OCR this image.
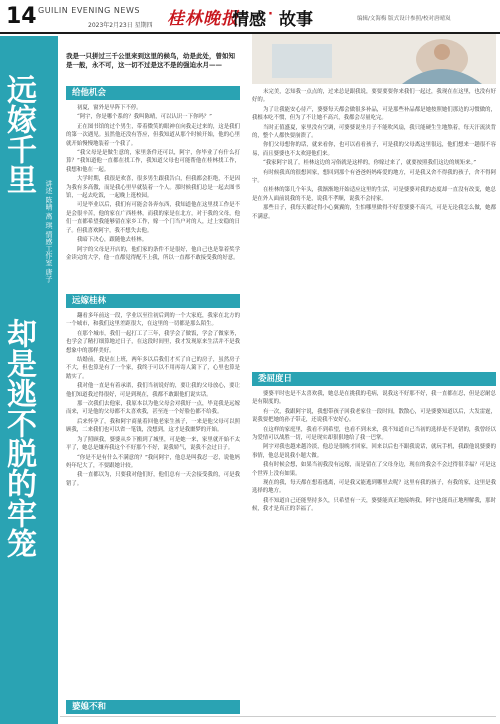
14 GUILIN EVENING NEWS
2023年2月23日 星期四 桂林晚报
情感 · 故事	编辑/文海梅 版式设计参照/校对唐晴岚
远嫁千里
却是逃不脱的牢笼
讲述 陈晴 离 琪 情感工作室 唐子
我是一只拼过三千公里来到这里的候鸟，幼是此处，曾如知是一般，永不可，这一切不过是这不是的强迫水月——
给他机会

初夏，窗外是早阵下不停。

“阿宇，你是哪个系的？我叫陈晴，可以认识一下你吗？”

正在图书馆的过个男生，带着微笑的眼神在向我走过来的，这是我们的第一次遇见。虽然他还没有答应，但我知道从那个时候开始，他的心里就开始慢慢地装着一个我了。

“我父母是是做生意的，家里条件还可以，阿宇，你毕业了有什么打算？”我知道他一直都在找工作，我知道父母也可能帮他在桂林找工作，我想和他在一起。

大学时期，我很是欢喜，很多男生跟我告白，但我都会拒绝，不是因为我有多高傲，而是我心里早就装着一个人。那时候我们总是一起去图书馆，一起去吃饭，一起晚上逛校园。

可是毕业以后，我们有可能会各奔东西，我知道他在这里找工作是不是会很辛苦，他的家在广西桂林，而我的家是在北方，对于我的父母，他们一直都希望我能够留在家乡工作，嫁一个门当户对的人，过上安稳的日子。但我喜欢阿宇，我不想失去他。

我暗下决心，跟随他去桂林。

阿宇的父母是开店的，他们家的条件不是很好，他自己也是靠着奖学金读完的大学，他一直都觉得配不上我，所以一直都不敢接受我的好意。

远嫁桂林

翻看多年前这一段，学业以至往初后到的一个大家庭，我家在北方的一个城市，和我们这里差距很大，在这里的一切都是那么陌生。

在那个城市，我们一起打工了三年，我学会了做饭，学会了做家务，也学会了精打细算地过日子，在这段时间里，我才发现原来生活并不是我想象中的那样美好。

结婚前，我是在上班，两年多以后我们才买了自己的房子，虽然房子不大，但也算是有了一个家，我终于可以不用再寄人篱下了，心里也算是踏实了。

我对他一直是有着承诺，我们当初说好的，要让我的父母放心，要让他们知道我过得很好，可是到现在，我都不敢跟他们说实话。

那一次我们去他家，我原本以为他父母会对我好一点，毕竟我是远嫁而来，可是他的父母都不太喜欢我，甚至连一个好脸色都不给我。

后来怀孕了，我和阿宇商量着回他老家生孩子，一来是他父母可以照顾我，二来我们也可以省一笔钱，没想到，这才是我噩梦的开始。

为了照顾我，婆婆从乡下搬到了城里，可是她一来，家里就开始不太平了，她总是嫌弃我这个不好那个不好，说我娇气，说我不会过日子。

“你是不是有什么不满意的？”我问阿宇，他总是叫我忍一忍，说他妈妈年纪大了，不要跟她计较。

我一直都以为，只要我对他们好，他们总有一天会接受我的，可是我错了。

婆媳不和

未完美，怎知我一点点的，过来总是跟我说，要要要要你来我们一起过，我现在在这里，也没有好好的。

为了让我能安心待产，婆婆每天都会做很多补品，可是那些补品都是她按照她们那边的习惯做的，我根本吃不惯，但为了不让她不高兴，我都会尽量吃完。

当时正值盛夏，家里没有空调，可婆婆说坐月子不能吹风扇，我只能硬生生地熬着，每天汗流浃背的，整个人都快要崩溃了。

你们父母想你的话，就来看你，也可以看看孩子，可是我的父母离这里很远，他们想来一趟很不容易，而且婆婆也不太欢迎他们来。

“我家阿宇说了，桂林这边的习俗就是这样的，你嫁过来了，就要按照我们这边的规矩来。”

有时候我真的很想回家，想回到那个有爸爸妈妈疼爱的地方，可是我又舍不得我的孩子，舍不得阿宇。

在桂林的第几个年头，我渐渐地开始适应这里的生活，可是婆婆对我的态度却一直没有改变，她总是在外人面前说我的不是，说我不孝顺，说我不会持家。

那些日子，我每天都过得小心翼翼的，生怕哪里做得不好惹婆婆不高兴，可是无论我怎么做，她都不满意。

委屈度日

婆婆平时也是不太喜欢我，她总是在挑我的毛病，说我这不好那不好，我一直都在忍，但是忍耐总是有限度的。

有一次，我跟阿宇说，我想带孩子回我老家住一段时间，散散心，可是婆婆知道以后，大发雷霆，说我要把她的孙子带走，还说我不安好心。

在这样的家庭里，我看不到希望，也看不到未来，我不知道自己当初的选择是不是错的，我曾经以为爱情可以战胜一切，可是现实却狠狠地给了我一巴掌。

阿宇对我也越来越冷淡，他总是很晚才回家，回来以后也不跟我说话，就玩手机，我跟他说婆婆的事情，他总是说我小题大做。

我有时候会想，如果当初我没有远嫁，而是留在了父母身边，现在的我会不会过得很幸福？可是这个世界上没有如果。

现在的我，每天都在想着逃离，可是我又能逃到哪里去呢？这里有我的孩子，有我的家，这里是我选择的地方。

我不知道自己还能坚持多久，只希望有一天，婆婆能真正地接纳我，阿宇也能真正地理解我，那时候，我才是真正的幸福了。
